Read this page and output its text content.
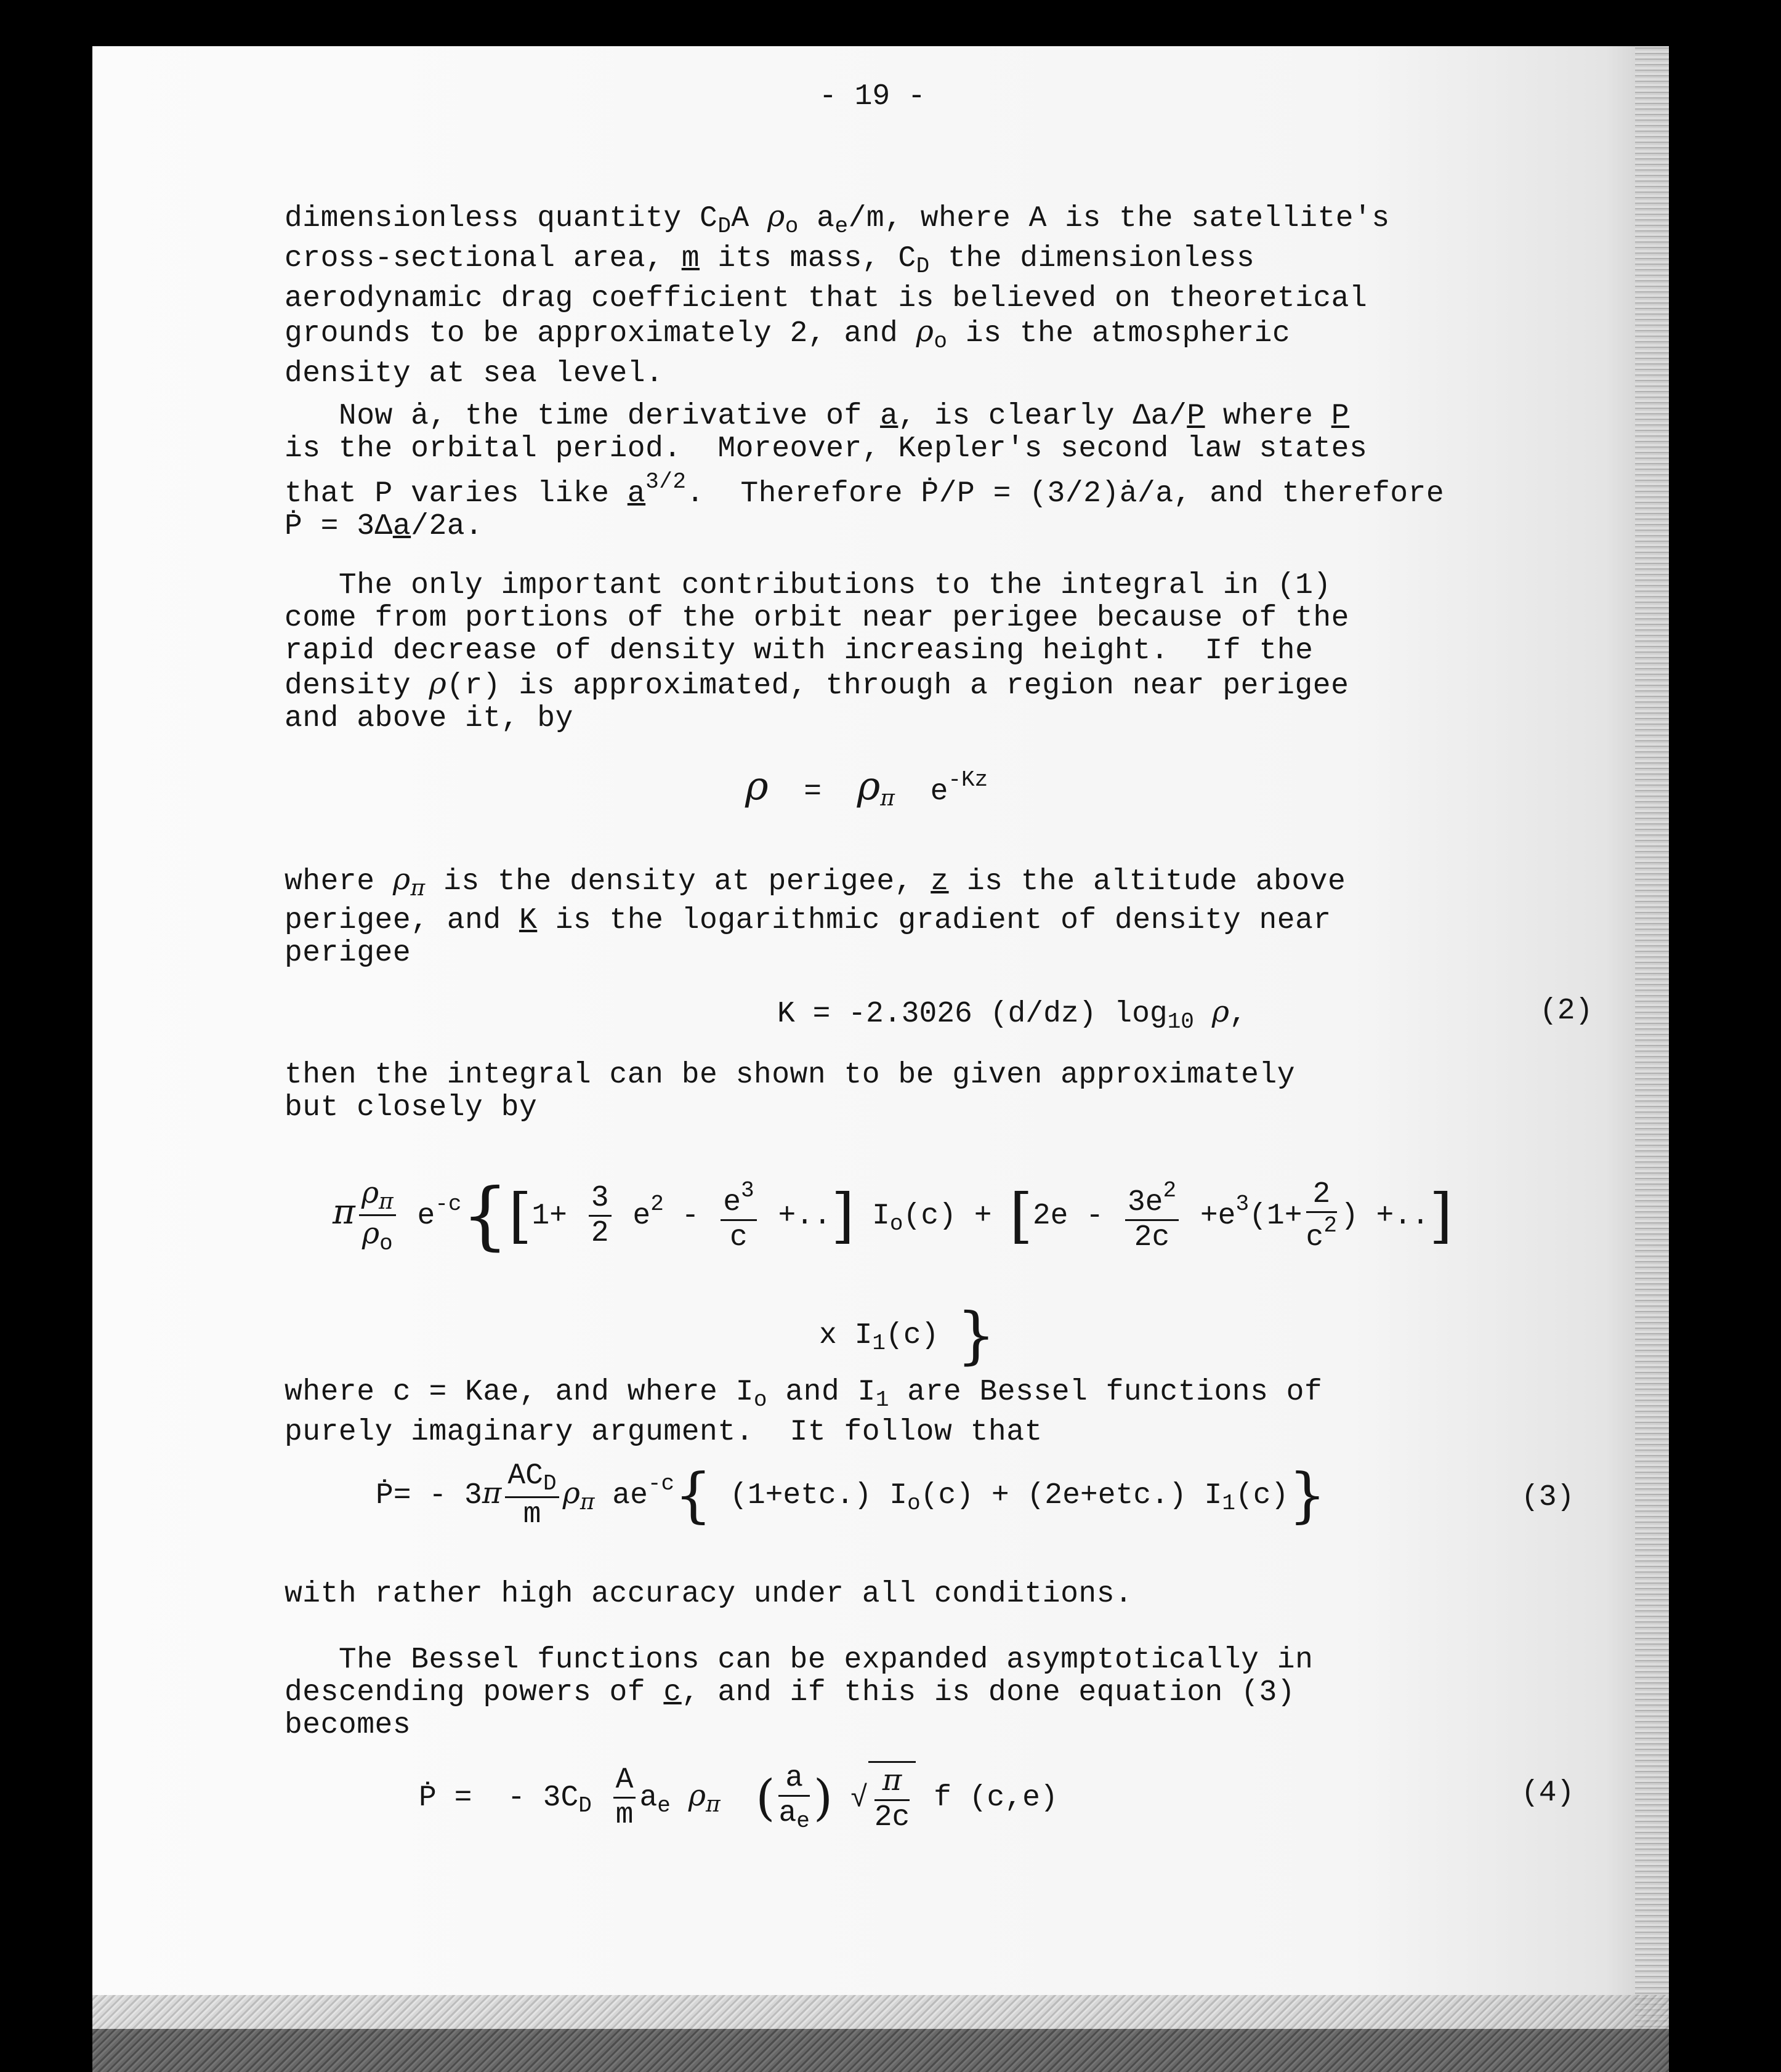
- 19 -
dimensionless quantity $C_DA$ $\rho_o$ $a_e/m$, where A is the satellite's
cross-sectional area, m its mass, $C_D$ the dimensionless
aerodynamic drag coefficient that is believed on theoretical
grounds to be approximately 2, and $\rho_o$ is the atmospheric
density at sea level.
Now ȧ, the time derivative of a, is clearly Δa/P where P
is the orbital period.  Moreover, Kepler's second law states
that P varies like $a^{3/2}$.  Therefore Ṗ/P = (3/2)ȧ/a, and therefore
Ṗ = 3Δa/2a.
The only important contributions to the integral in (1)
come from portions of the orbit near perigee because of the
rapid decrease of density with increasing height.  If the
density ρ(r) is approximated, through a region near perigee
and above it, by
$\rho = \rho_\pi$  $e^{-Kz}$
where $\rho_\pi$ is the density at perigee, z is the altitude above
perigee, and K is the logarithmic gradient of density near
perigee
K = -2.3026 (d/dz) $\log_{10} \rho$,	(2)
then the integral can be shown to be given approximately
but closely by
π $\frac{\rho_\pi}{\rho_o} e^{-c}\{[1+ \frac{3}{2} e^2 - \frac{e^3}{c}$ +..] $I_o(c) + [2e - \frac{3e^2}{2c} +e^3(1+ \frac{2}{c^2}$ ) +..]
x $I_1(c)$ }
where c = Kae, and where $I_o$ and $I_1$ are Bessel functions of
purely imaginary argument.  It follow that
Ṗ= - $3\pi \frac{AC_D}{m} \rho_\pi$ $ae^{-c}${ (1+etc.) $I_o(c) + (2e+etc.)$ $I_1(c)$}	(3)
with rather high accuracy under all conditions.
The Bessel functions can be expanded asymptotically in
descending powers of c, and if this is done equation (3)
becomes
Ṗ =  - $3C_D \frac{A}{m} a_e$ $\rho_\pi$ ( $\frac{a}{a_e}$ ) √ $\frac{\pi}{2c}$ f (c,e)	(4)
